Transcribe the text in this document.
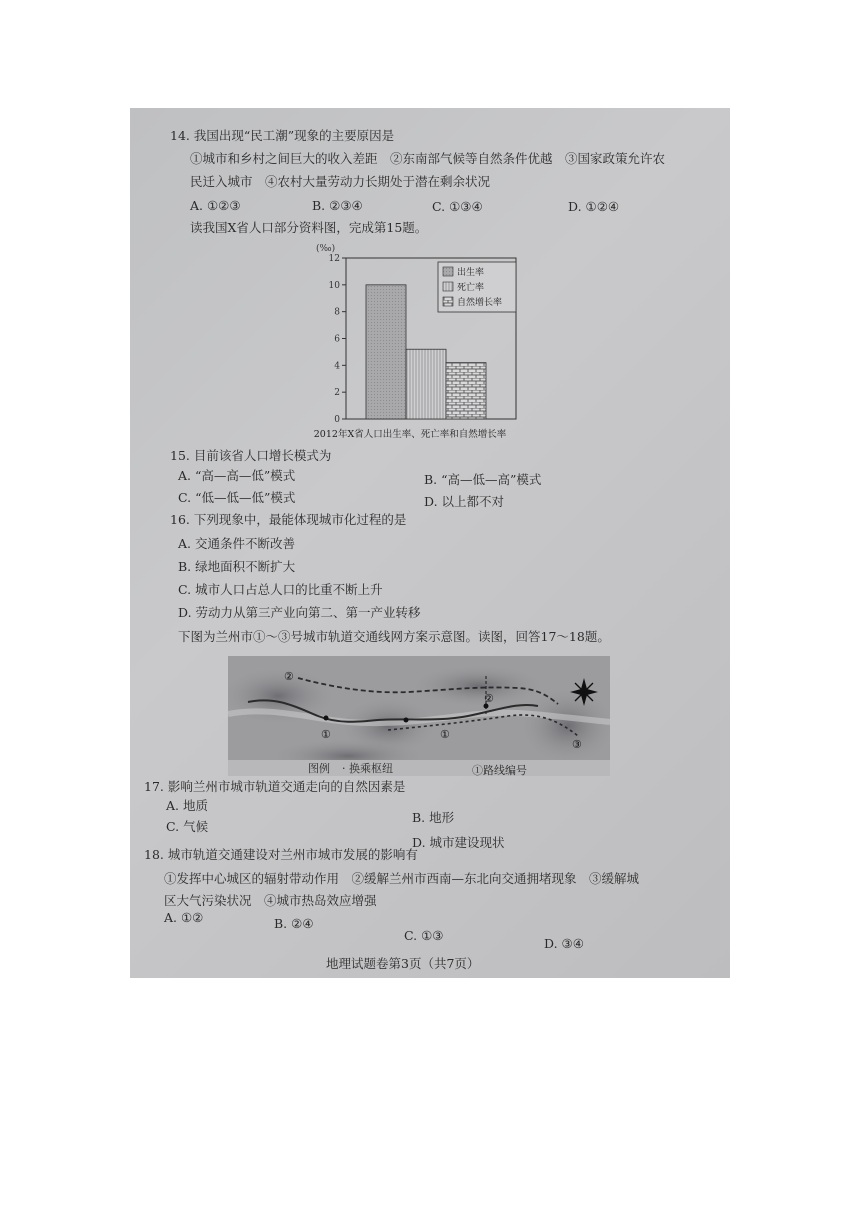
14. 我国出现“民工潮”现象的主要原因是
①城市和乡村之间巨大的收入差距　②东南部气候等自然条件优越　③国家政策允许农
民迁入城市　④农村大量劳动力长期处于潜在剩余状况
A. ①②③	B. ②③④	C. ①③④	D. ①②④
读我国X省人口部分资料图，完成第15题。
(‰)
0
2
4
6
8
10
12
出生率
死亡率
自然增长率
2012年X省人口出生率、死亡率和自然增长率
15. 目前该省人口增长模式为
A. “高—高—低”模式	B. “高—低—高”模式
C. “低—低—低”模式	D. 以上都不对
16. 下列现象中，最能体现城市化过程的是
A. 交通条件不断改善
B. 绿地面积不断扩大
C. 城市人口占总人口的比重不断上升
D. 劳动力从第三产业向第二、第一产业转移
下图为兰州市①～③号城市轨道交通线网方案示意图。读图，回答17～18题。
②
①	①
②
③
图例 · 换乘枢纽	①路线编号
17. 影响兰州市城市轨道交通走向的自然因素是
A. 地质
B. 地形
C. 气候
D. 城市建设现状
18. 城市轨道交通建设对兰州市城市发展的影响有
①发挥中心城区的辐射带动作用　②缓解兰州市西南—东北向交通拥堵现象　③缓解城
区大气污染状况　④城市热岛效应增强
A. ①②	B. ②④
C. ①③
D. ③④
地理试题卷第3页（共7页）
